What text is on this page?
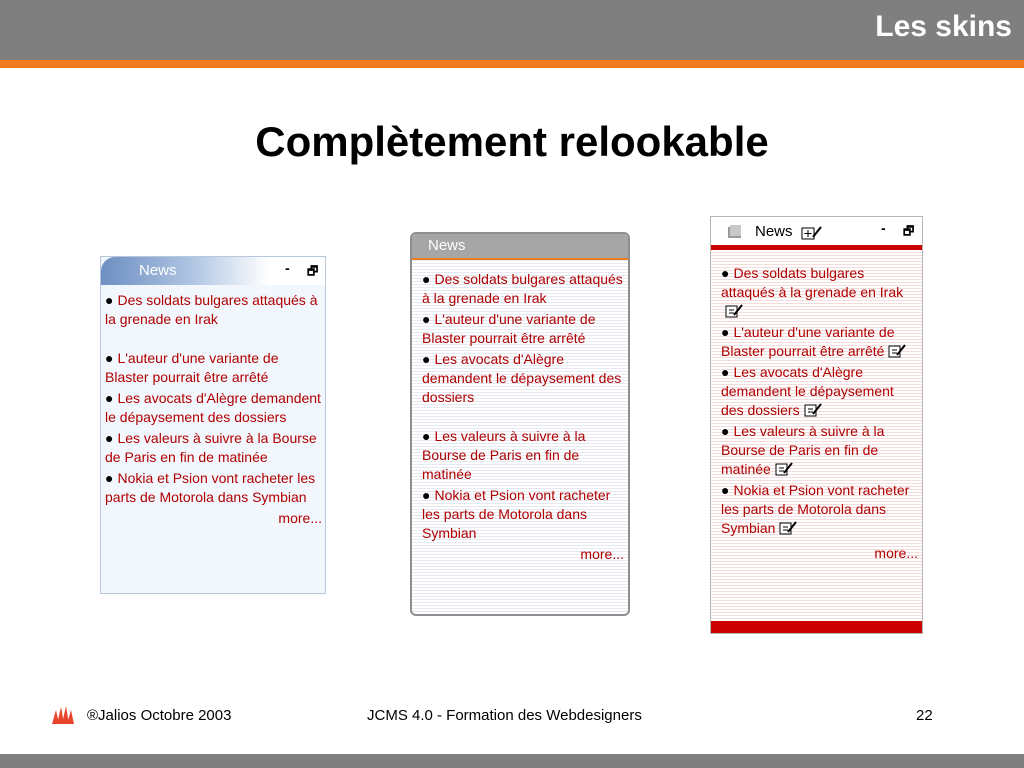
Les skins
Complètement relookable
News	- 🗗
● Des soldats bulgares attaqués à la grenade en Irak
● L'auteur d'une variante de Blaster pourrait être arrêté
● Les avocats d'Alègre demandent le dépaysement des dossiers
● Les valeurs à suivre à la Bourse de Paris en fin de matinée
● Nokia et Psion vont racheter les parts de Motorola dans Symbian
more...
News
● Des soldats bulgares attaqués à la grenade en Irak
● L'auteur d'une variante de Blaster pourrait être arrêté
● Les avocats d'Alègre demandent le dépaysement des dossiers
● Les valeurs à suivre à la Bourse de Paris en fin de matinée
● Nokia et Psion vont racheter les parts de Motorola dans Symbian
more...
News	- 🗗
● Des soldats bulgares attaqués à la grenade en Irak
● L'auteur d'une variante de Blaster pourrait être arrêté
● Les avocats d'Alègre demandent le dépaysement des dossiers
● Les valeurs à suivre à la Bourse de Paris en fin de matinée
● Nokia et Psion vont racheter les parts de Motorola dans Symbian
more...
®Jalios Octobre 2003	JCMS 4.0 - Formation des Webdesigners	22
